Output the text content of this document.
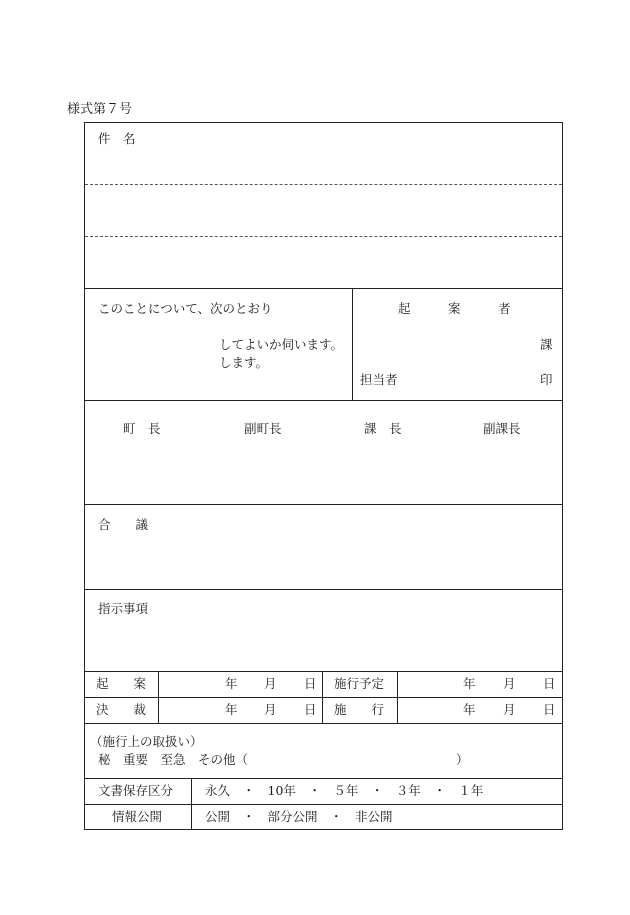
様式第７号
件　名
このことについて、次のとおり
してよいか伺います。
します。
起　　　案　　　者
課
担当者	印
町　長	副町長	課　長	副課長
合　　議
指示事項
起　　案	年 月 日 施行予定	年 月 日
決　　裁	年 月 日 施　　行	年 月 日
（施行上の取扱い）
秘　重要　至急　その他（	）
文書保存区分	永久　・　10年　・　５年　・　３年　・　１年
情報公開	公開　・　部分公開　・　非公開
